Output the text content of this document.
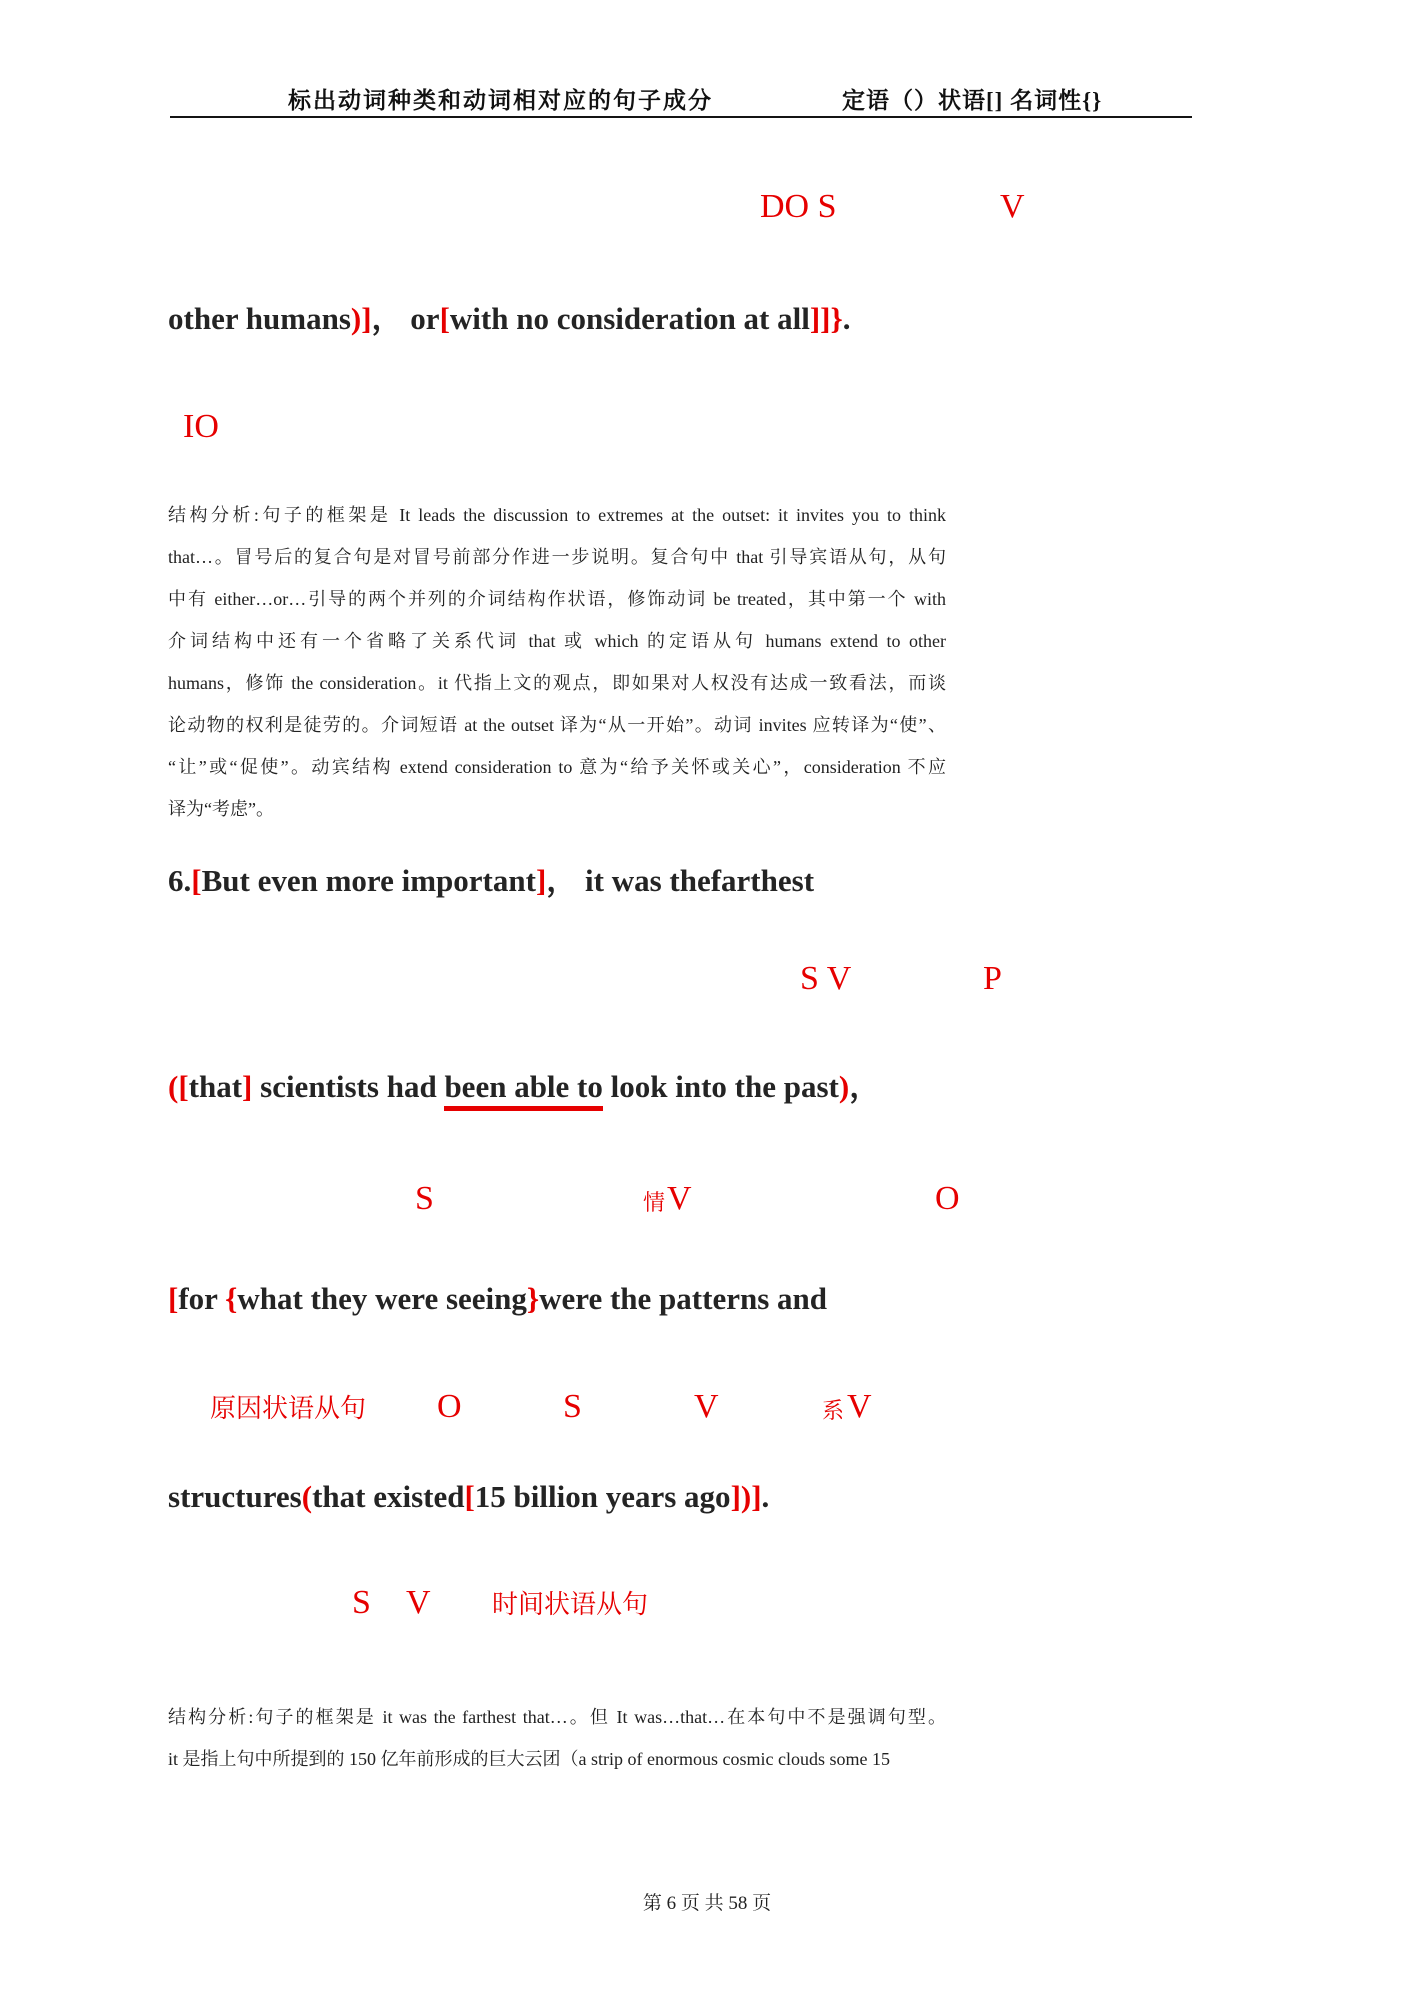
标出动词种类和动词相对应的句子成分	定语（）状语[] 名词性{}
DO S	V
other humans)]， or[with no consideration at all]]}.
IO
结构分析:句子的框架是 It leads the discussion to extremes at the outset: it invites you to think
that…。冒号后的复合句是对冒号前部分作进一步说明。复合句中 that 引导宾语从句，从句
中有 either…or…引导的两个并列的介词结构作状语，修饰动词 be treated，其中第一个 with
介词结构中还有一个省略了关系代词 that 或 which 的定语从句 humans extend to other
humans，修饰 the consideration。it 代指上文的观点，即如果对人权没有达成一致看法，而谈
论动物的权利是徒劳的。介词短语 at the outset 译为“从一开始”。动词 invites 应转译为“使”、
“让”或“促使”。动宾结构 extend consideration to 意为“给予关怀或关心”，consideration 不应
译为“考虑”。
6.[But even more important]， it was thefarthest
S V	P
([that] scientists had been able to look into the past)，
S	情 V	O
[for {what they were seeing}were the patterns and
原因状语从句 O	S	V	系 V
structures(that existed[15 billion years ago])].
S V 时间状语从句
结构分析:句子的框架是 it was the farthest that…。但 It was…that…在本句中不是强调句型。
it 是指上句中所提到的 150 亿年前形成的巨大云团（a strip of enormous cosmic clouds some 15
第 6 页 共 58 页
